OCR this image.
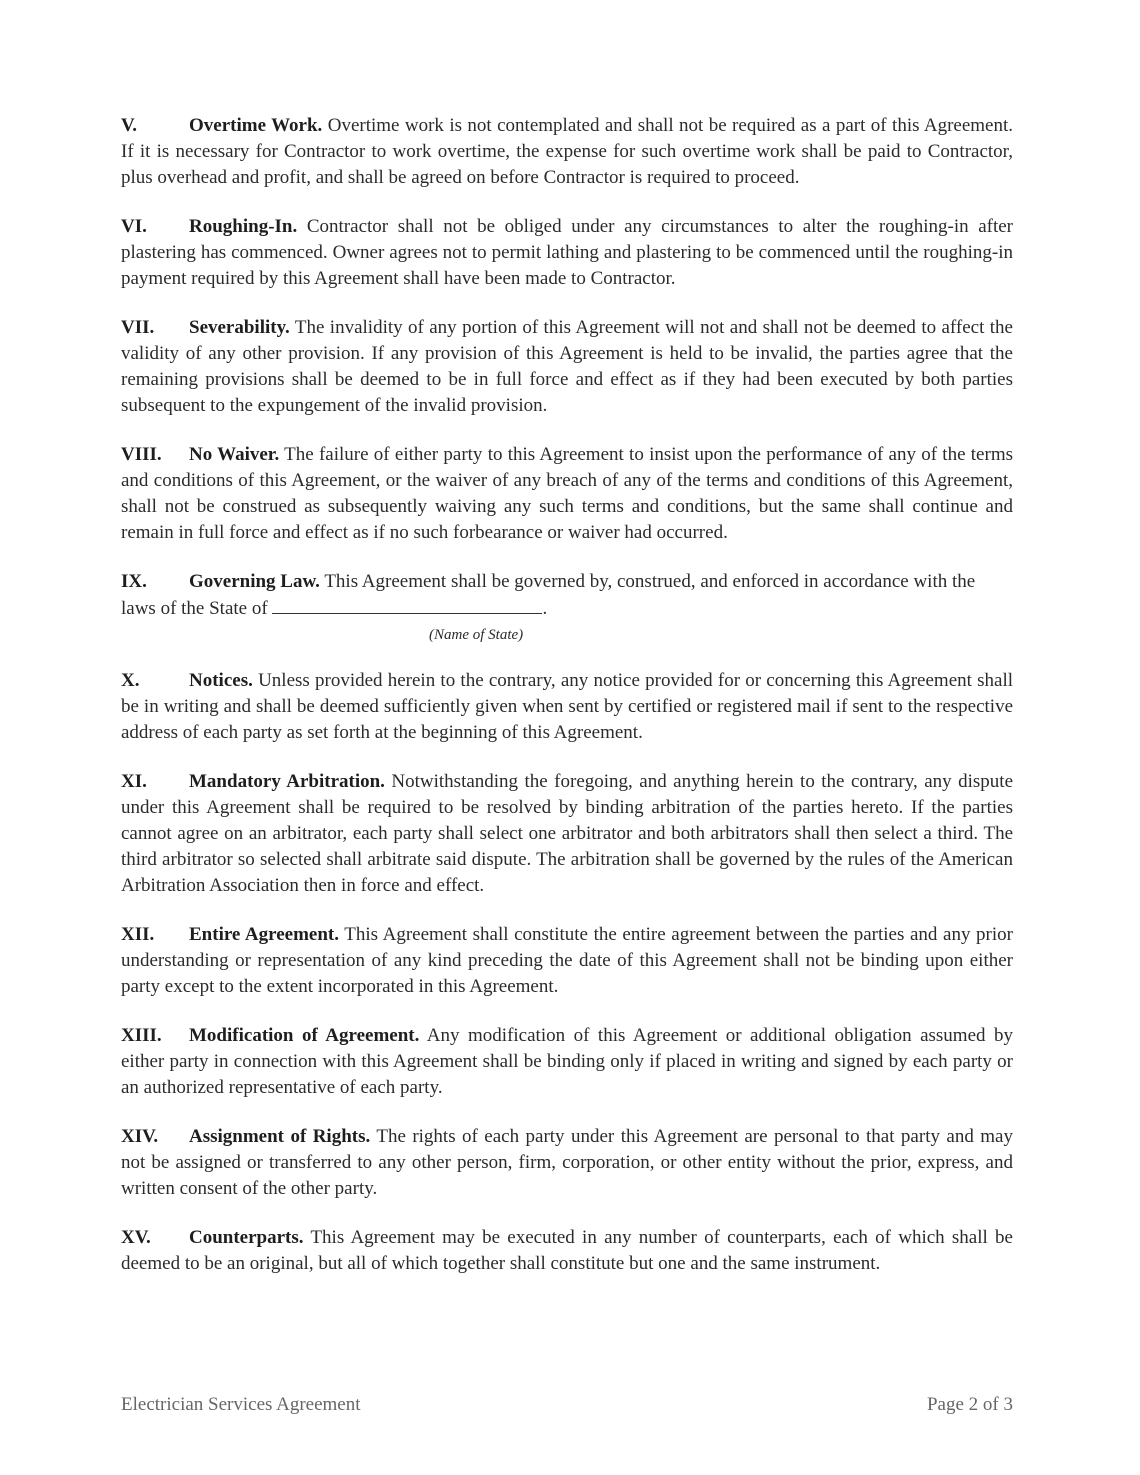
V.	Overtime Work. Overtime work is not contemplated and shall not be required as a part of this Agreement. If it is necessary for Contractor to work overtime, the expense for such overtime work shall be paid to Contractor, plus overhead and profit, and shall be agreed on before Contractor is required to proceed.

VI. Roughing-In. Contractor shall not be obliged under any circumstances to alter the roughing-in after plastering has commenced. Owner agrees not to permit lathing and plastering to be commenced until the roughing-in payment required by this Agreement shall have been made to Contractor.

VII. Severability. The invalidity of any portion of this Agreement will not and shall not be deemed to affect the validity of any other provision. If any provision of this Agreement is held to be invalid, the parties agree that the remaining provisions shall be deemed to be in full force and effect as if they had been executed by both parties subsequent to the expungement of the invalid provision.

VIII. No Waiver. The failure of either party to this Agreement to insist upon the performance of any of the terms and conditions of this Agreement, or the waiver of any breach of any of the terms and conditions of this Agreement, shall not be construed as subsequently waiving any such terms and conditions, but the same shall continue and remain in full force and effect as if no such forbearance or waiver had occurred.

IX. Governing Law. This Agreement shall be governed by, construed, and enforced in accordance with the laws of the State of	.
(Name of State)

X.	Notices. Unless provided herein to the contrary, any notice provided for or concerning this Agreement shall be in writing and shall be deemed sufficiently given when sent by certified or registered mail if sent to the respective address of each party as set forth at the beginning of this Agreement.

XI. Mandatory Arbitration. Notwithstanding the foregoing, and anything herein to the contrary, any dispute under this Agreement shall be required to be resolved by binding arbitration of the parties hereto. If the parties cannot agree on an arbitrator, each party shall select one arbitrator and both arbitrators shall then select a third. The third arbitrator so selected shall arbitrate said dispute. The arbitration shall be governed by the rules of the American Arbitration Association then in force and effect.

XII. Entire Agreement. This Agreement shall constitute the entire agreement between the parties and any prior understanding or representation of any kind preceding the date of this Agreement shall not be binding upon either party except to the extent incorporated in this Agreement.

XIII. Modification of Agreement. Any modification of this Agreement or additional obligation assumed by either party in connection with this Agreement shall be binding only if placed in writing and signed by each party or an authorized representative of each party.

XIV. Assignment of Rights. The rights of each party under this Agreement are personal to that party and may not be assigned or transferred to any other person, firm, corporation, or other entity without the prior, express, and written consent of the other party.

XV. Counterparts. This Agreement may be executed in any number of counterparts, each of which shall be deemed to be an original, but all of which together shall constitute but one and the same instrument.

Electrician Services Agreement	Page 2 of 3
